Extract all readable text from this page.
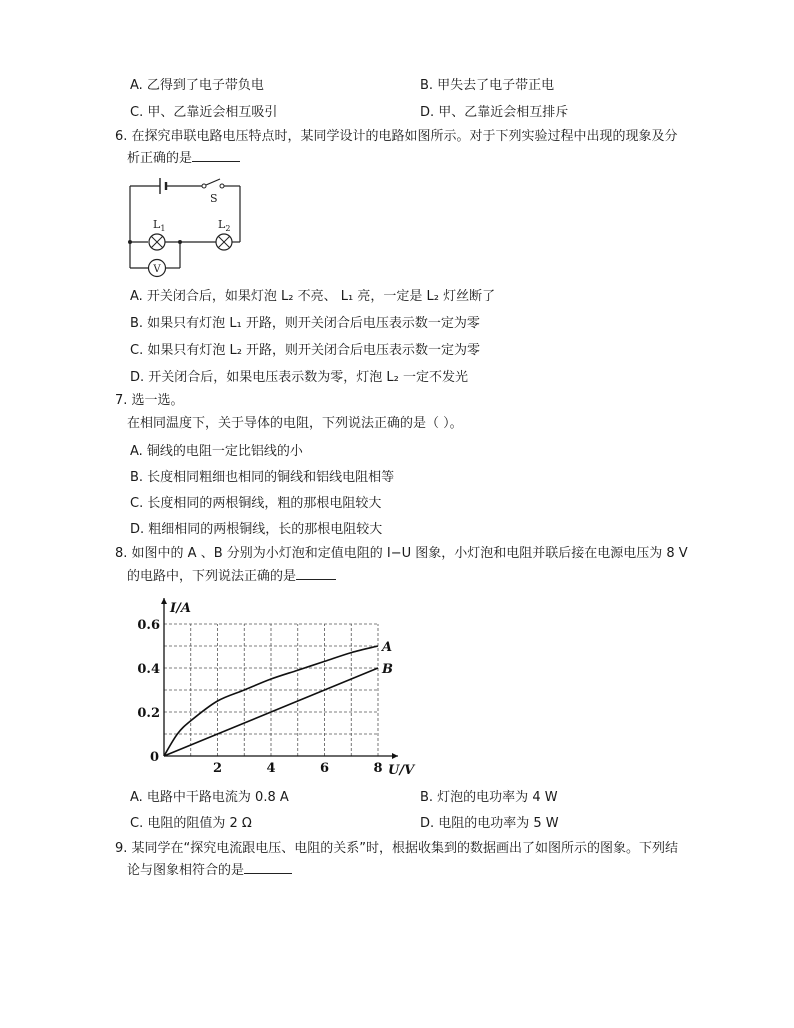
A. 乙得到了电子带负电	B. 甲失去了电子带正电
C. 甲、乙靠近会相互吸引	D. 甲、乙靠近会相互排斥
6. 在探究串联电路电压特点时，某同学设计的电路如图所示。对于下列实验过程中出现的现象及分
析正确的是
S
$L_1$	$L_2$
V
A. 开关闭合后，如果灯泡 L₂ 不亮、 L₁ 亮，一定是 L₂ 灯丝断了
B. 如果只有灯泡 L₁ 开路，则开关闭合后电压表示数一定为零
C. 如果只有灯泡 L₂ 开路，则开关闭合后电压表示数一定为零
D. 开关闭合后，如果电压表示数为零，灯泡 L₂ 一定不发光
7. 选一选。
在相同温度下，关于导体的电阻，下列说法正确的是（ ）。
A. 铜线的电阻一定比铝线的小
B. 长度相同粗细也相同的铜线和铝线电阻相等
C. 长度相同的两根铜线，粗的那根电阻较大
D. 粗细相同的两根铜线，长的那根电阻较大
8. 如图中的 A 、B 分别为小灯泡和定值电阻的 I−U 图象，小灯泡和电阻并联后接在电源电压为 8 V
的电路中，下列说法正确的是
2	4	6	8
0.2
0.4
0.6
0
U/V
I/A
A
B
A. 电路中干路电流为 0.8 A	B. 灯泡的电功率为 4 W
C. 电阻的阻值为 2 Ω	D. 电阻的电功率为 5 W
9. 某同学在“探究电流跟电压、电阻的关系”时，根据收集到的数据画出了如图所示的图象。下列结
论与图象相符合的是
